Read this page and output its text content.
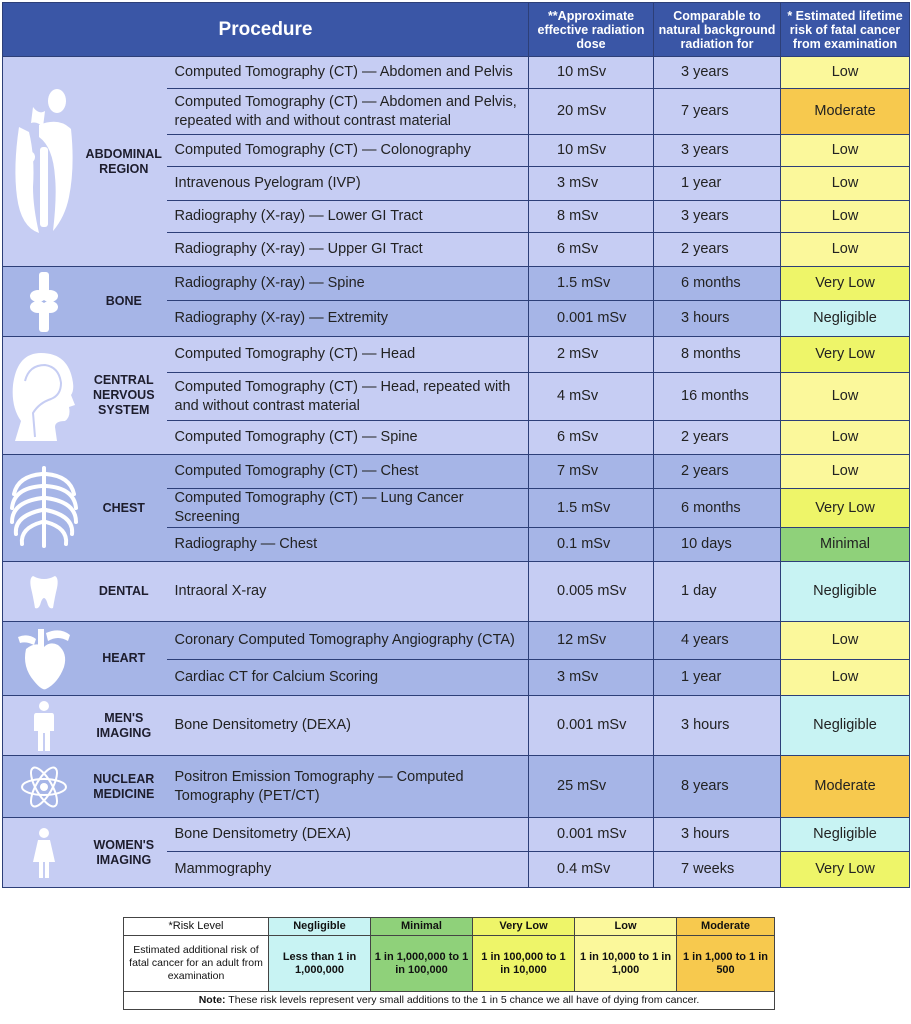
Procedure		**Approximate effective radiation dose	Comparable to natural background radiation for	* Estimated lifetime risk of fatal cancer from examination

ABDOMINAL REGION	Computed Tomography (CT) — Abdomen and Pelvis	10 mSv	3 years	Low
	Computed Tomography (CT) — Abdomen and Pelvis, repeated with and without contrast material	20 mSv	7 years	Moderate
	Computed Tomography (CT) — Colonography	10 mSv	3 years	Low
	Intravenous Pyelogram (IVP)	3 mSv	1 year	Low
	Radiography (X-ray) — Lower GI Tract	8 mSv	3 years	Low
	Radiography (X-ray) — Upper GI Tract	6 mSv	2 years	Low

BONE	Radiography (X-ray) — Spine	1.5 mSv	6 months	Very Low
	Radiography (X-ray) — Extremity	0.001 mSv	3 hours	Negligible

CENTRAL NERVOUS SYSTEM	Computed Tomography (CT) — Head	2 mSv	8 months	Very Low
	Computed Tomography (CT) — Head, repeated with and without contrast material	4 mSv	16 months	Low
	Computed Tomography (CT) — Spine	6 mSv	2 years	Low

CHEST	Computed Tomography (CT) — Chest	7 mSv	2 years	Low
	Computed Tomography (CT) — Lung Cancer Screening	1.5 mSv	6 months	Very Low
	Radiography — Chest	0.1 mSv	10 days	Minimal

DENTAL	Intraoral X-ray	0.005 mSv	1 day	Negligible

HEART	Coronary Computed Tomography Angiography (CTA)	12 mSv	4 years	Low
	Cardiac CT for Calcium Scoring	3 mSv	1 year	Low

MEN'S IMAGING	Bone Densitometry (DEXA)	0.001 mSv	3 hours	Negligible

NUCLEAR MEDICINE	Positron Emission Tomography — Computed Tomography (PET/CT)	25 mSv	8 years	Moderate

WOMEN'S IMAGING	Bone Densitometry (DEXA)	0.001 mSv	3 hours	Negligible
	Mammography	0.4 mSv	7 weeks	Very Low
*Risk Level	Negligible	Minimal	Very Low	Low	Moderate
Estimated additional risk of fatal cancer for an adult from examination	Less than 1 in 1,000,000	1 in 1,000,000 to 1 in 100,000	1 in 100,000 to 1 in 10,000	1 in 10,000 to 1 in 1,000	1 in 1,000 to 1 in 500
Note: These risk levels represent very small additions to the 1 in 5 chance we all have of dying from cancer.					
